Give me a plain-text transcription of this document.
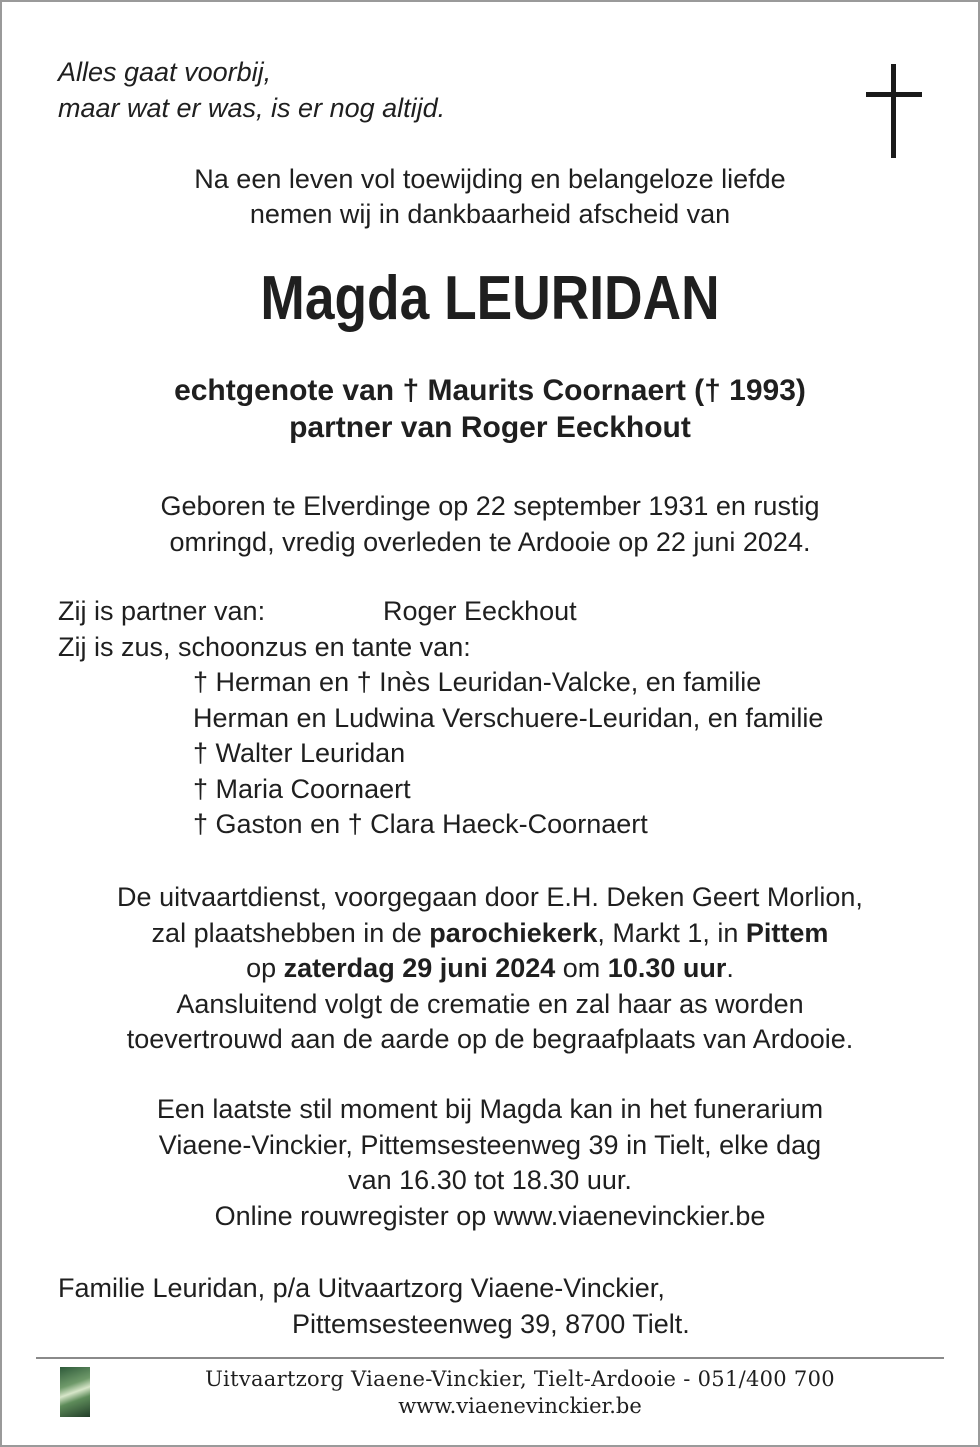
Alles gaat voorbij,
maar wat er was, is er nog altijd.
Na een leven vol toewijding en belangeloze liefde
nemen wij in dankbaarheid afscheid van
Magda LEURIDAN
echtgenote van † Maurits Coornaert († 1993)
partner van Roger Eeckhout
Geboren te Elverdinge op 22 september 1931 en rustig
omringd, vredig overleden te Ardooie op 22 juni 2024.
Zij is partner van:	Roger Eeckhout
Zij is zus, schoonzus en tante van:
† Herman en † Inès Leuridan-Valcke, en familie
Herman en Ludwina Verschuere-Leuridan, en familie
† Walter Leuridan
† Maria Coornaert
† Gaston en † Clara Haeck-Coornaert
De uitvaartdienst, voorgegaan door E.H. Deken Geert Morlion,
zal plaatshebben in de parochiekerk, Markt 1, in Pittem
op zaterdag 29 juni 2024 om 10.30 uur.
Aansluitend volgt de crematie en zal haar as worden
toevertrouwd aan de aarde op de begraafplaats van Ardooie.
Een laatste stil moment bij Magda kan in het funerarium
Viaene-Vinckier, Pittemsesteenweg 39 in Tielt, elke dag
van 16.30 tot 18.30 uur.
Online rouwregister op www.viaenevinckier.be
Familie Leuridan, p/a Uitvaartzorg Viaene-Vinckier,
Pittemsesteenweg 39, 8700 Tielt.
Uitvaartzorg Viaene-Vinckier, Tielt-Ardooie - 051/400 700
www.viaenevinckier.be
